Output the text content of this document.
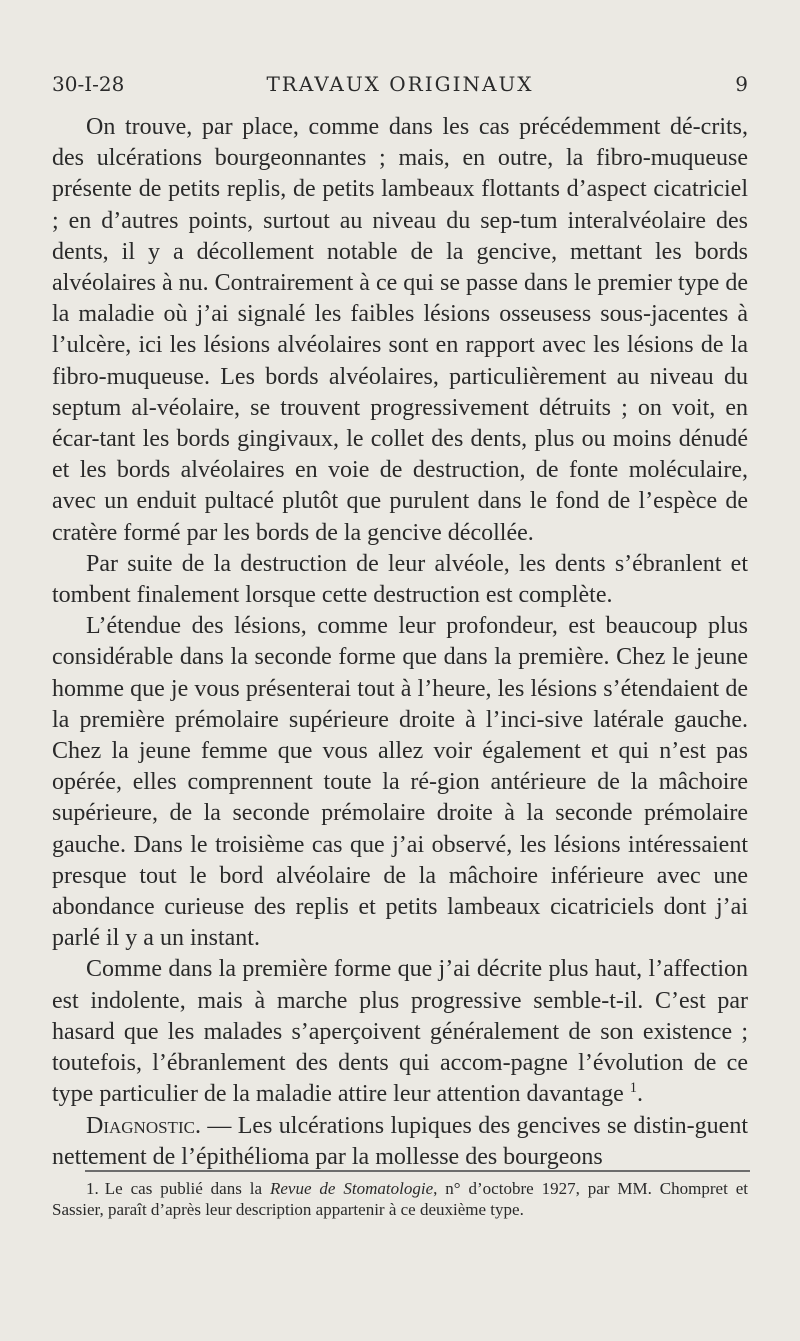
30-I-28	TRAVAUX ORIGINAUX	9

On trouve, par place, comme dans les cas précédemment dé-crits, des ulcérations bourgeonnantes ; mais, en outre, la fibro-muqueuse présente de petits replis, de petits lambeaux flottants d’aspect cicatriciel ; en d’autres points, surtout au niveau du sep-tum interalvéolaire des dents, il y a décollement notable de la gencive, mettant les bords alvéolaires à nu. Contrairement à ce qui se passe dans le premier type de la maladie où j’ai signalé les faibles lésions osseusess sous-jacentes à l’ulcère, ici les lésions alvéolaires sont en rapport avec les lésions de la fibro-muqueuse. Les bords alvéolaires, particulièrement au niveau du septum al-véolaire, se trouvent progressivement détruits ; on voit, en écar-tant les bords gingivaux, le collet des dents, plus ou moins dénudé et les bords alvéolaires en voie de destruction, de fonte moléculaire, avec un enduit pultacé plutôt que purulent dans le fond de l’espèce de cratère formé par les bords de la gencive décollée.

Par suite de la destruction de leur alvéole, les dents s’ébranlent et tombent finalement lorsque cette destruction est complète.

L’étendue des lésions, comme leur profondeur, est beaucoup plus considérable dans la seconde forme que dans la première. Chez le jeune homme que je vous présenterai tout à l’heure, les lésions s’étendaient de la première prémolaire supérieure droite à l’inci-sive latérale gauche. Chez la jeune femme que vous allez voir également et qui n’est pas opérée, elles comprennent toute la ré-gion antérieure de la mâchoire supérieure, de la seconde prémolaire droite à la seconde prémolaire gauche. Dans le troisième cas que j’ai observé, les lésions intéressaient presque tout le bord alvéolaire de la mâchoire inférieure avec une abondance curieuse des replis et petits lambeaux cicatriciels dont j’ai parlé il y a un instant.

Comme dans la première forme que j’ai décrite plus haut, l’affection est indolente, mais à marche plus progressive semble-t-il. C’est par hasard que les malades s’aperçoivent généralement de son existence ; toutefois, l’ébranlement des dents qui accom-pagne l’évolution de ce type particulier de la maladie attire leur attention davantage $^1$.

Diagnostic. — Les ulcérations lupiques des gencives se distin-guent nettement de l’épithélioma par la mollesse des bourgeons

1. Le cas publié dans la Revue de Stomatologie, n° d’octobre 1927, par MM. Chompret et Sassier, paraît d’après leur description appartenir à ce deuxième type.
